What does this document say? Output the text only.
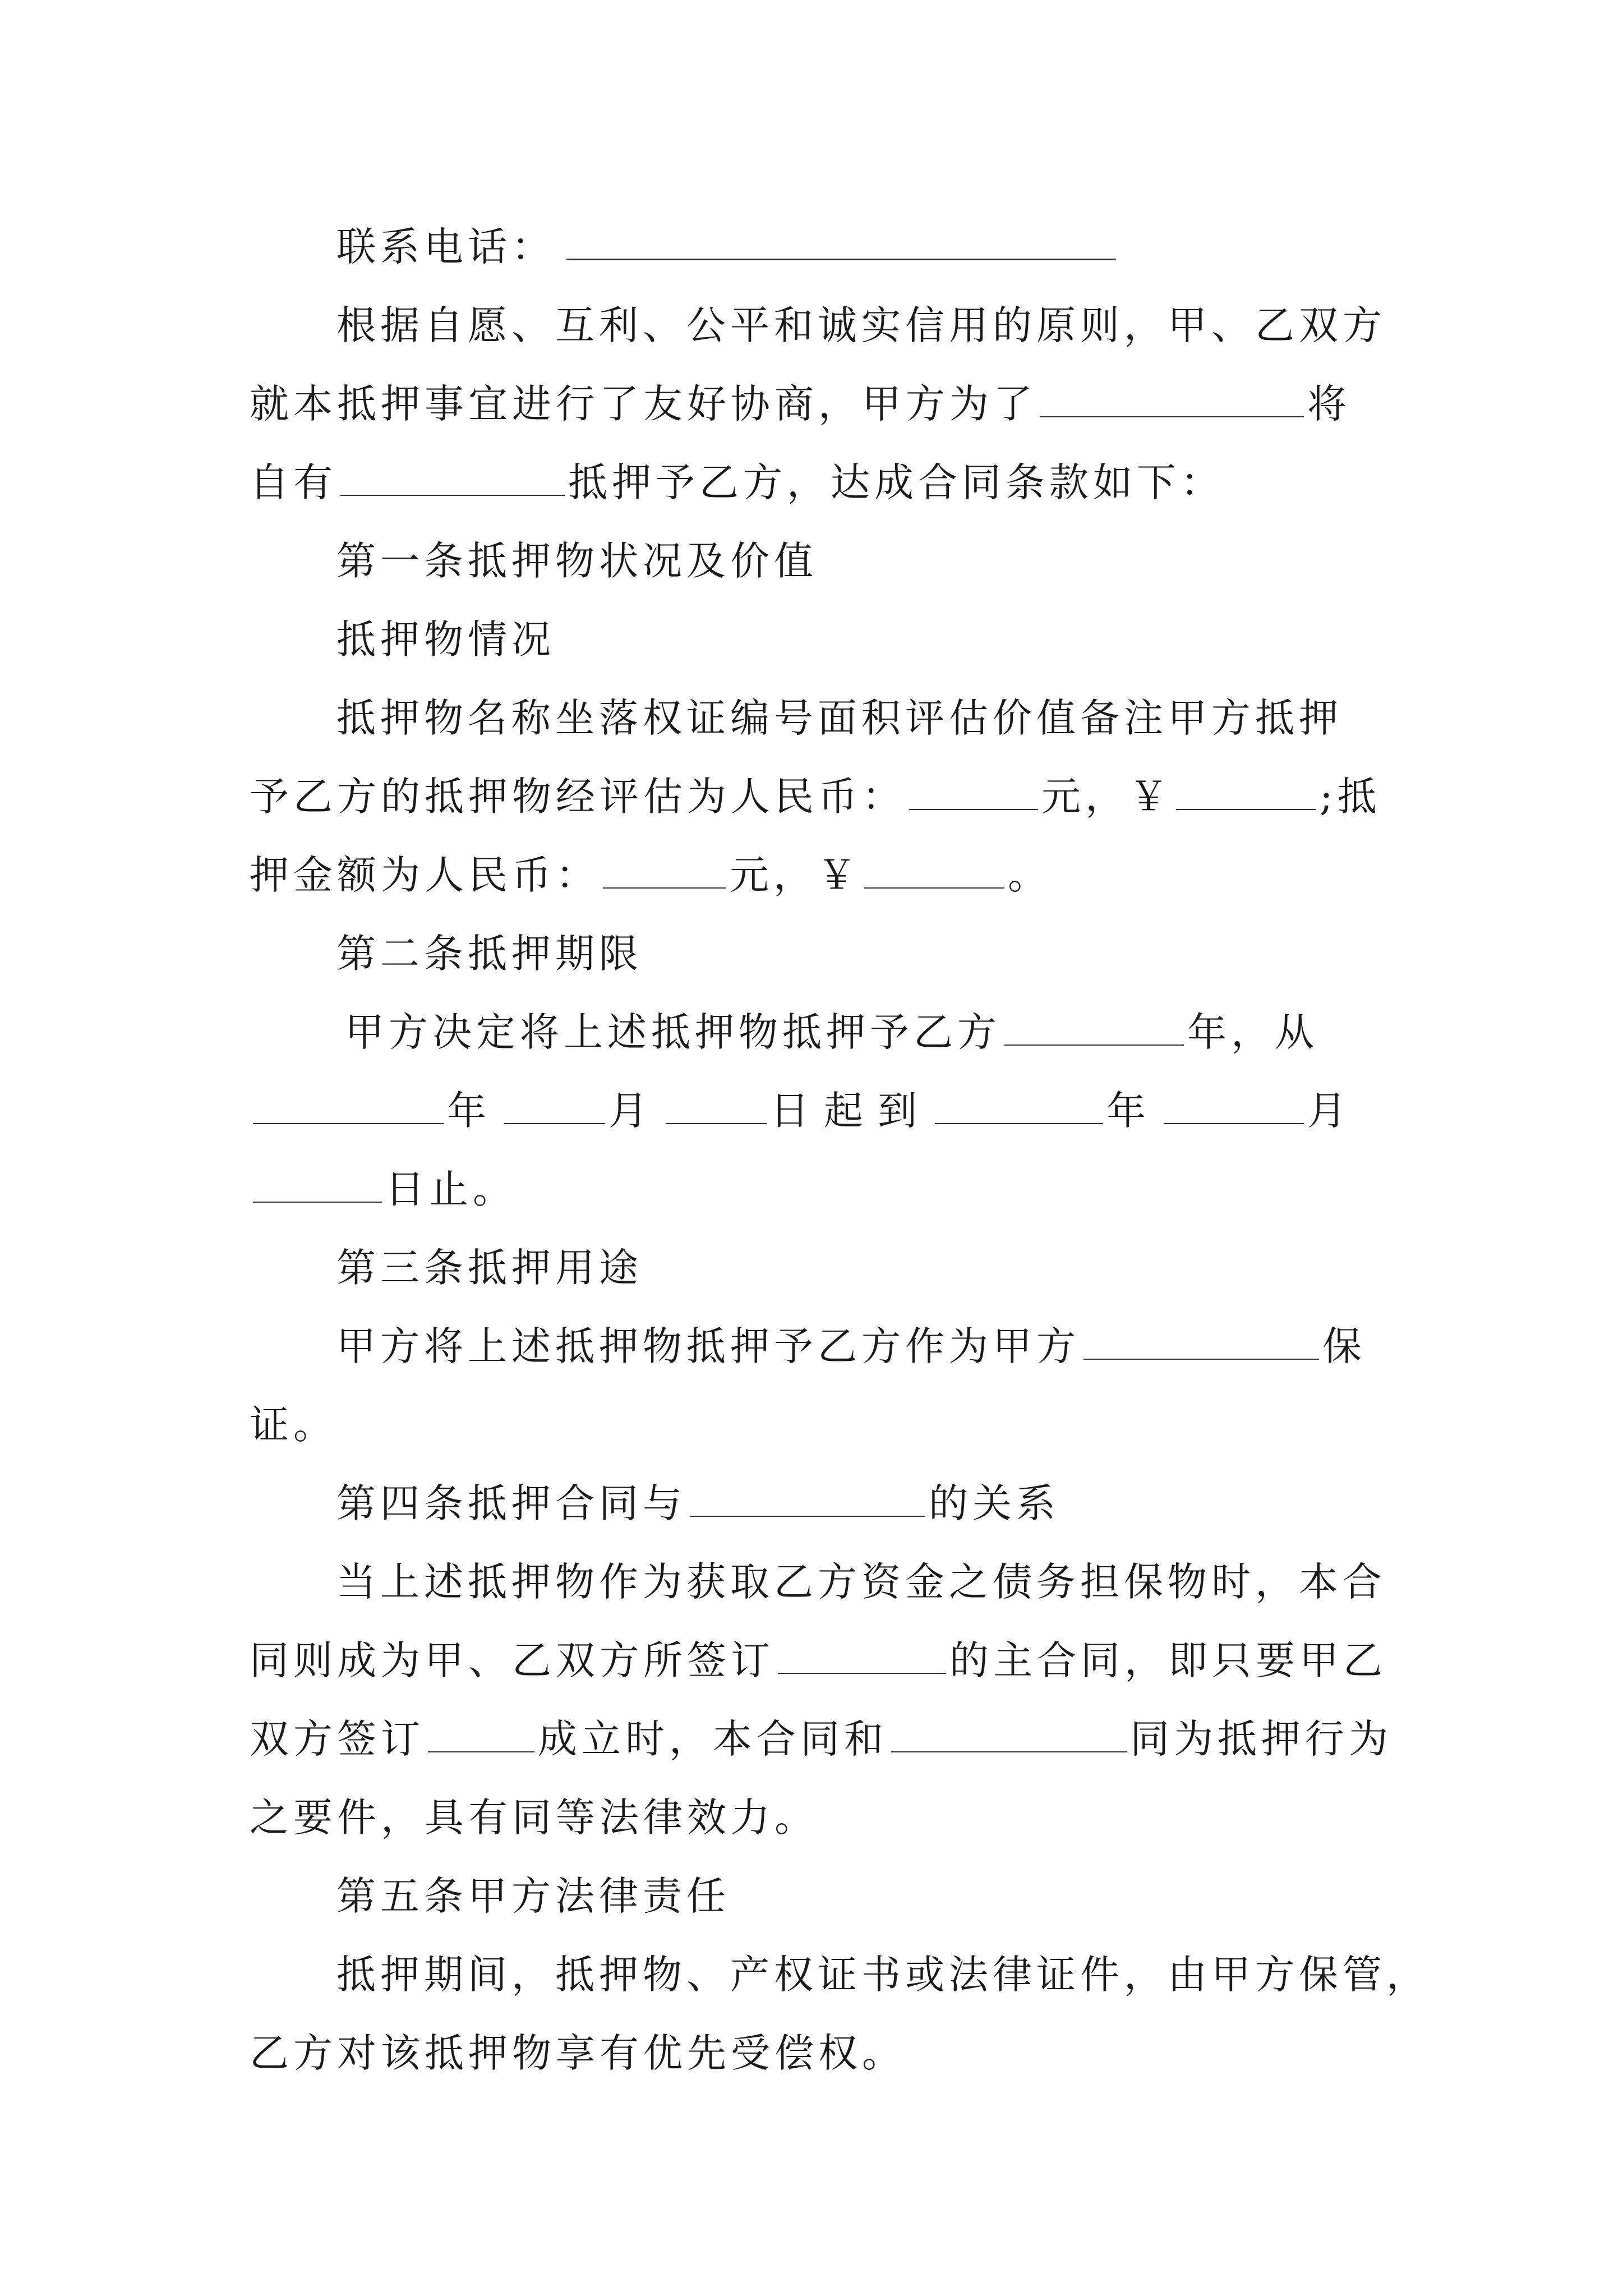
联系电话：
根据自愿、互利、公平和诚实信用的原则，甲、乙双方
就本抵押事宜进行了友好协商，甲方为了	将
自有	抵押予乙方，达成合同条款如下：
第一条抵押物状况及价值
抵押物情况
抵押物名称坐落权证编号面积评估价值备注甲方抵押
予乙方的抵押物经评估为人民币：	元，￥	;抵
押金额为人民币：	元，￥	。
第二条抵押期限
甲方决定将上述抵押物抵押予乙方	年，从
年	月	日起到	年	月
日止。
第三条抵押用途
甲方将上述抵押物抵押予乙方作为甲方	保
证。
第四条抵押合同与	的关系
当上述抵押物作为获取乙方资金之债务担保物时，本合
同则成为甲、乙双方所签订	的主合同，即只要甲乙
双方签订	成立时，本合同和	同为抵押行为
之要件，具有同等法律效力。
第五条甲方法律责任
抵押期间，抵押物、产权证书或法律证件，由甲方保管，
乙方对该抵押物享有优先受偿权。
